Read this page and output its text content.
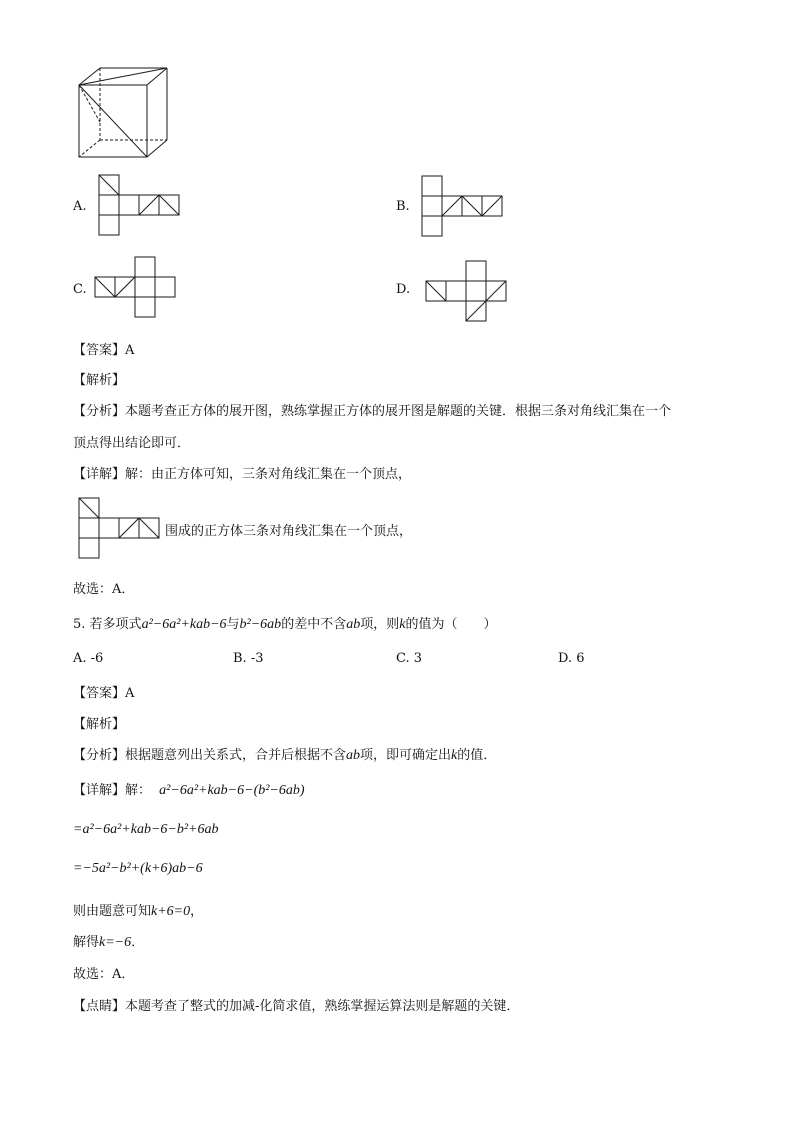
A.	B.
C.	D.
【答案】A
【解析】
【分析】本题考查正方体的展开图，熟练掌握正方体的展开图是解题的关键．根据三条对角线汇集在一个
顶点得出结论即可．
【详解】解：由正方体可知，三条对角线汇集在一个顶点，
围成的正方体三条对角线汇集在一个顶点，
故选：A．
5. 若多项式a²−6a²+kab−6与b²−6ab的差中不含ab项，则k的值为（　　）
A. -6	B. -3	C. 3	D. 6
【答案】A
【解析】
【分析】根据题意列出关系式，合并后根据不含ab项，即可确定出k的值．
【详解】解： a²−6a²+kab−6−(b²−6ab)
=a²−6a²+kab−6−b²+6ab
=−5a²−b²+(k+6)ab−6
则由题意可知k+6=0，
解得k=−6．
故选：A．
【点睛】本题考查了整式的加减-化简求值，熟练掌握运算法则是解题的关键．
